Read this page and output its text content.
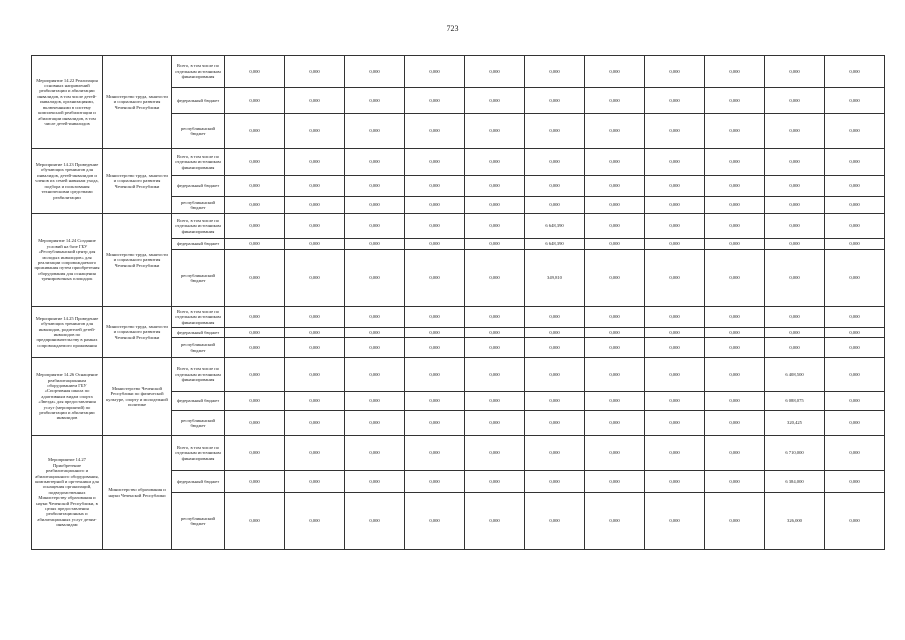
723
Мероприятие 14.22 Реализация основных направлений реабилитации и абилитации инвалидов, в том числе детей-инвалидов, организациями, включенными в систему комплексной реабилитации и абилитации инвалидов, в том числе детей-инвалидов	Министерство труда, занятости и социального развития Чеченской Республики	Всего, в том числе по отдельным источникам финансирования	0,000	0,000	0,000	0,000	0,000	0,000	0,000	0,000	0,000	0,000	0,000
		федеральный бюджет	0,000	0,000	0,000	0,000	0,000	0,000	0,000	0,000	0,000	0,000	0,000
		республиканский бюджет	0,000	0,000	0,000	0,000	0,000	0,000	0,000	0,000	0,000	0,000	0,000
Мероприятие 14.23 Проведение обучающих тренингов для инвалидов, детей-инвалидов и членов их семей навыкам ухода, подбора и пользования техническими средствами реабилитации	Министерство труда, занятости и социального развития Чеченской Республики	Всего, в том числе по отдельным источникам финансирования	0,000	0,000	0,000	0,000	0,000	0,000	0,000	0,000	0,000	0,000	0,000
		федеральный бюджет	0,000	0,000	0,000	0,000	0,000	0,000	0,000	0,000	0,000	0,000	0,000
		республиканский бюджет	0,000	0,000	0,000	0,000	0,000	0,000	0,000	0,000	0,000	0,000	0,000
Мероприятие 14.24 Создание условий на базе ГБУ «Республиканский центр для молодых инвалидов» для реализации сопровождаемого проживания путем приобретения оборудования для оснащения тренировочных площадок	Министерство труда, занятости и социального развития Чеченской Республики	Всего, в том числе по отдельным источникам финансирования	0,000	0,000	0,000	0,000	0,000	6 648,390	0,000	0,000	0,000	0,000	0,000
		федеральный бюджет	0,000	0,000	0,000	0,000	0,000	6 648,390	0,000	0,000	0,000	0,000	0,000
		республиканский бюджет	0,000	0,000	0,000	0,000	0,000	349,810	0,000	0,000	0,000	0,000	0,000
Мероприятие 14.25 Проведение обучающих тренингов для инвалидов, родителей детей-инвалидов по предпринимательству в рамках сопровождаемого проживания	Министерство труда, занятости и социального развития Чеченской Республики	Всего, в том числе по отдельным источникам финансирования	0,000	0,000	0,000	0,000	0,000	0,000	0,000	0,000	0,000	0,000	0,000
		федеральный бюджет	0,000	0,000	0,000	0,000	0,000	0,000	0,000	0,000	0,000	0,000	0,000
		республиканский бюджет	0,000	0,000	0,000	0,000	0,000	0,000	0,000	0,000	0,000	0,000	0,000
Мероприятие 14.26 Оснащение реабилитационным оборудованием ГБУ «Спортивная школа по адаптивным видам спорта «Звезда» для предоставления услуг (мероприятий) по реабилитации и абилитации инвалидов	Министерство Чеченской Республики по физической культуре, спорту и молодежной политике	Всего, в том числе по отдельным источникам финансирования	0,000	0,000	0,000	0,000	0,000	0,000	0,000	0,000	0,000	6 408,500	0,000
		федеральный бюджет	0,000	0,000	0,000	0,000	0,000	0,000	0,000	0,000	0,000	6 088,075	0,000
		республиканский бюджет	0,000	0,000	0,000	0,000	0,000	0,000	0,000	0,000	0,000	320,425	0,000
Мероприятие 14.27 Приобретение реабилитационного и абилитационного оборудования, компьютерной и оргтехники для оснащения организаций, подведомственных Министерству образования и науки Чеченской Республики, в целях предоставления реабилитационных и абилитационных услуг детям-инвалидам	Министерство образования и науки Чеченской Республики	Всего, в том числе по отдельным источникам финансирования	0,000	0,000	0,000	0,000	0,000	0,000	0,000	0,000	0,000	6 710,000	0,000
		федеральный бюджет	0,000	0,000	0,000	0,000	0,000	0,000	0,000	0,000	0,000	6 384,000	0,000
		республиканский бюджет	0,000	0,000	0,000	0,000	0,000	0,000	0,000	0,000	0,000	326,000	0,000
